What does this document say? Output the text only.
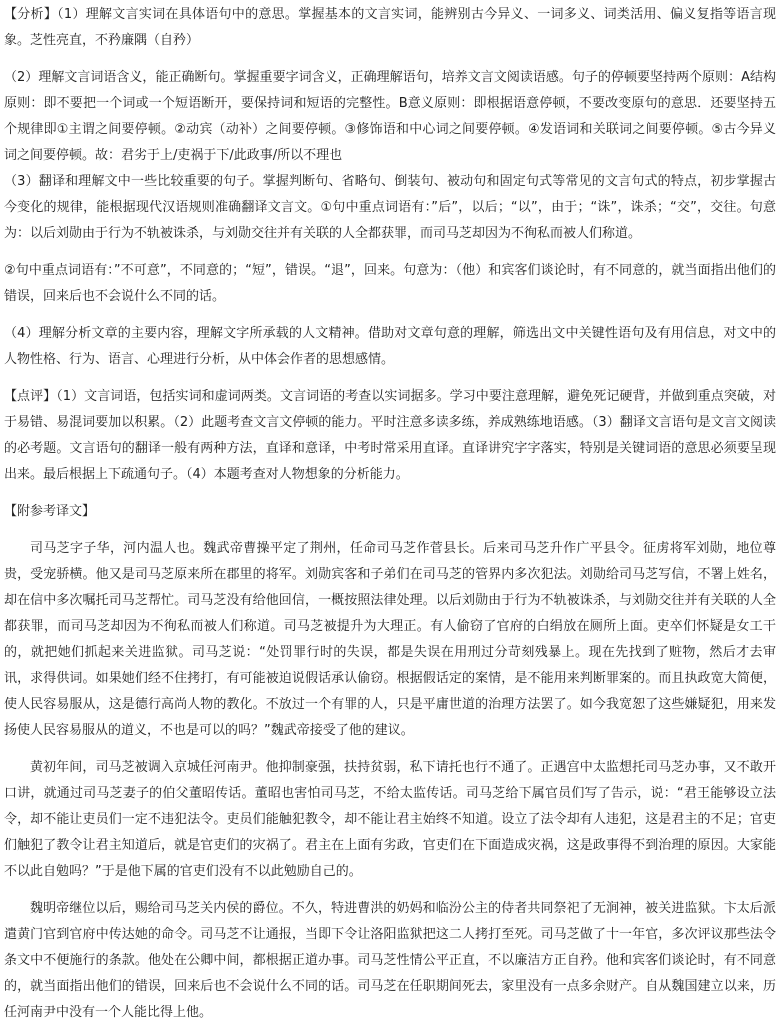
【分析】（1）理解文言实词在具体语句中的意思。掌握基本的文言实词，能辨别古今异义、一词多义、词类活用、偏义复指等语言现象。芝性亮直，不矜廉隅（自矜）

（2）理解文言词语含义，能正确断句。掌握重要字词含义，正确理解语句，培养文言文阅读语感。句子的停顿要坚持两个原则：A结构原则：即不要把一个词或一个短语断开，要保持词和短语的完整性。B意义原则：即根据语意停顿，不要改变原句的意思．还要坚持五个规律即①主谓之间要停顿。②动宾（动补）之间要停顿。③修饰语和中心词之间要停顿。④发语词和关联词之间要停顿。⑤古今异义词之间要停顿。故：君劣于上/吏祸于下/此政事/所以不理也

（3）翻译和理解文中一些比较重要的句子。掌握判断句、省略句、倒装句、被动句和固定句式等常见的文言句式的特点，初步掌握古今变化的规律，能根据现代汉语规则准确翻译文言文。①句中重点词语有：”后”，以后；“以”，由于；“诛”，诛杀；“交”，交往。句意为：以后刘勋由于行为不轨被诛杀，与刘勋交往并有关联的人全都获罪，而司马芝却因为不徇私而被人们称道。

②句中重点词语有：”不可意”，不同意的；“短”，错误。“退”，回来。句意为：（他）和宾客们谈论时，有不同意的，就当面指出他们的错误，回来后也不会说什么不同的话。

（4）理解分析文章的主要内容，理解文字所承载的人文精神。借助对文章句意的理解，筛选出文中关键性语句及有用信息，对文中的人物性格、行为、语言、心理进行分析，从中体会作者的思想感情。

【点评】（1）文言词语，包括实词和虚词两类。文言词语的考查以实词据多。学习中要注意理解，避免死记硬背，并做到重点突破，对于易错、易混词要加以积累。（2）此题考查文言文停顿的能力。平时注意多读多练，养成熟练地语感。（3）翻译文言语句是文言文阅读的必考题。文言语句的翻译一般有两种方法，直译和意译，中考时常采用直译。直译讲究字字落实，特别是关键词语的意思必须要呈现出来。最后根据上下疏通句子。（4）本题考查对人物想象的分析能力。

【附参考译文】

司马芝字子华，河内温人也。魏武帝曹操平定了荆州，任命司马芝作菅县长。后来司马芝升作广平县令。征虏将军刘勋，地位尊贵，受宠骄横。他又是司马芝原来所在郡里的将军。刘勋宾客和子弟们在司马芝的管界内多次犯法。刘勋给司马芝写信，不署上姓名，却在信中多次嘱托司马芝帮忙。司马芝没有给他回信，一概按照法律处理。以后刘勋由于行为不轨被诛杀，与刘勋交往并有关联的人全都获罪，而司马芝却因为不徇私而被人们称道。司马芝被提升为大理正。有人偷窃了官府的白绢放在厕所上面。吏卒们怀疑是女工干的，就把她们抓起来关进监狱。司马芝说：“处罚罪行时的失误，都是失误在用刑过分苛刻残暴上。现在先找到了赃物，然后才去审讯，求得供词。如果她们经不住拷打，有可能被迫说假话承认偷窃。根据假话定的案情，是不能用来判断罪案的。而且执政宽大简便，使人民容易服从，这是德行高尚人物的教化。不放过一个有罪的人，只是平庸世道的治理方法罢了。如今我宽恕了这些嫌疑犯，用来发扬使人民容易服从的道义，不也是可以的吗？”魏武帝接受了他的建议。

黄初年间，司马芝被调入京城任河南尹。他抑制豪强，扶持贫弱，私下请托也行不通了。正遇宫中太监想托司马芝办事，又不敢开口讲，就通过司马芝妻子的伯父董昭传话。董昭也害怕司马芝，不给太监传话。司马芝给下属官员们写了告示，说：“君王能够设立法令，却不能让吏员们一定不违犯法令。吏员们能触犯教令，却不能让君主始终不知道。设立了法令却有人违犯，这是君主的不足；官吏们触犯了教令让君主知道后，就是官吏们的灾祸了。君主在上面有劣政，官吏们在下面造成灾祸，这是政事得不到治理的原因。大家能不以此自勉吗？”于是他下属的官吏们没有不以此勉励自己的。

魏明帝继位以后，赐给司马芝关内侯的爵位。不久，特进曹洪的奶妈和临汾公主的侍者共同祭祀了无涧神，被关进监狱。卞太后派遣黄门官到官府中传达她的命令。司马芝不让通报，当即下令让洛阳监狱把这二人拷打至死。司马芝做了十一年官，多次评议那些法令条文中不便施行的条款。他处在公卿中间，都根据正道办事。司马芝性情公平正直，不以廉洁方正自矜。他和宾客们谈论时，有不同意的，就当面指出他们的错误，回来后也不会说什么不同的话。司马芝在任职期间死去，家里没有一点多余财产。自从魏国建立以来，历任河南尹中没有一个人能比得上他。
